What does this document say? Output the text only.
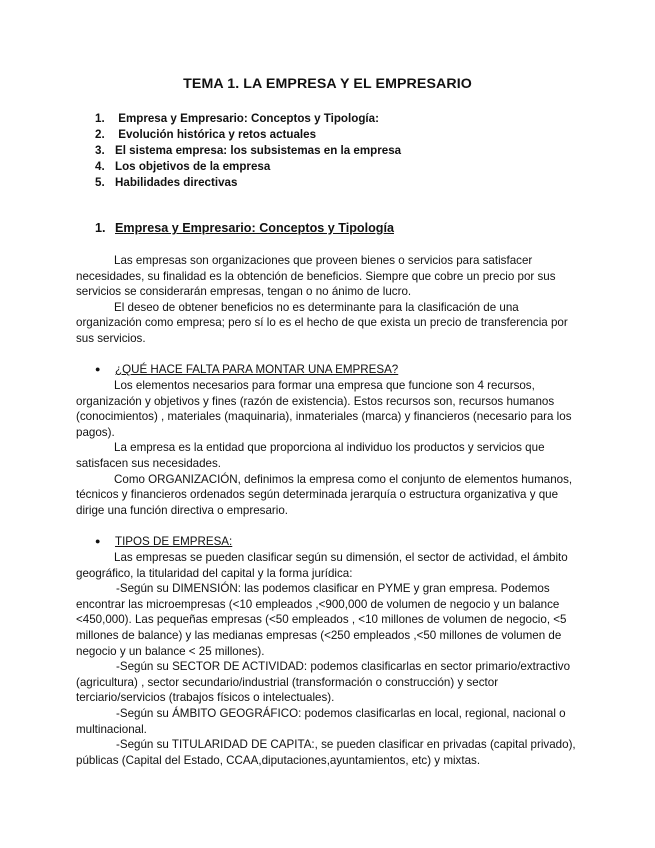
TEMA 1. LA EMPRESA Y EL EMPRESARIO
1. Empresa y Empresario: Conceptos y Tipología:
2. Evolución histórica y retos actuales
3. El sistema empresa: los subsistemas en la empresa
4. Los objetivos de la empresa
5. Habilidades directivas
1. Empresa y Empresario: Conceptos y Tipología

Las empresas son organizaciones que proveen bienes o servicios para satisfacer necesidades, su finalidad es la obtención de beneficios. Siempre que cobre un precio por sus servicios se considerarán empresas, tengan o no ánimo de lucro.

El deseo de obtener beneficios no es determinante para la clasificación de una organización como empresa; pero sí lo es el hecho de que exista un precio de transferencia por sus servicios.

● ¿QUÉ HACE FALTA PARA MONTAR UNA EMPRESA?

Los elementos necesarios para formar una empresa que funcione son 4 recursos, organización y objetivos y fines (razón de existencia). Estos recursos son, recursos humanos (conocimientos) , materiales (maquinaria), inmateriales (marca) y financieros (necesario para los pagos).

La empresa es la entidad que proporciona al individuo los productos y servicios que satisfacen sus necesidades.

Como ORGANIZACIÓN, definimos la empresa como el conjunto de elementos humanos, técnicos y financieros ordenados según determinada jerarquía o estructura organizativa y que dirige una función directiva o empresario.

● TIPOS DE EMPRESA:

Las empresas se pueden clasificar según su dimensión, el sector de actividad, el ámbito geográfico, la titularidad del capital y la forma jurídica:

-Según su DIMENSIÓN: las podemos clasificar en PYME y gran empresa. Podemos encontrar las microempresas (<10 empleados ,<900,000 de volumen de negocio y un balance <450,000). Las pequeñas empresas (<50 empleados , <10 millones de volumen de negocio, <5 millones de balance) y las medianas empresas (<250 empleados ,<50 millones de volumen de negocio y un balance < 25 millones).

-Según su SECTOR DE ACTIVIDAD: podemos clasificarlas en sector primario/extractivo (agricultura) , sector secundario/industrial (transformación o construcción) y sector terciario/servicios (trabajos físicos o intelectuales).

-Según su ÁMBITO GEOGRÁFICO: podemos clasificarlas en local, regional, nacional o multinacional.

-Según su TITULARIDAD DE CAPITA:, se pueden clasificar en privadas (capital privado), públicas (Capital del Estado, CCAA,diputaciones,ayuntamientos, etc) y mixtas.
